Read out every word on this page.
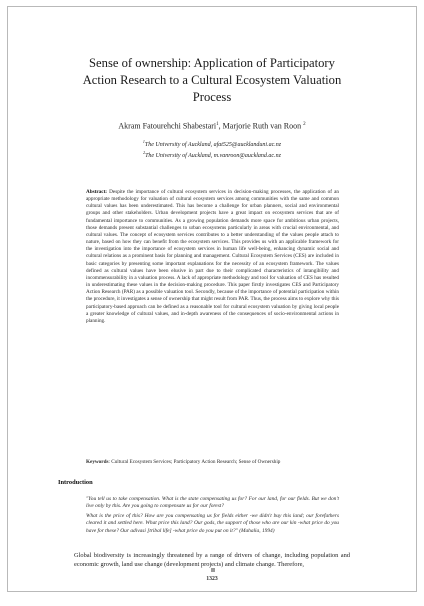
Sense of ownership: Application of Participatory
Action Research to a Cultural Ecosystem Valuation
Process
Akram Fatourehchi Shabestari$^1$, Marjorie Ruth van Roon $^2$
$^1$The University of Auckland, afat525@aucklanduni.ac.nz
$^2$The University of Auckland, m.vanroon@auckland.ac.nz
Abstract: Despite the importance of cultural ecosystem services in decision-making processes, the application of an appropriate methodology for valuation of cultural ecosystem services among communities with the same and common cultural values has been underestimated. This has become a challenge for urban planners, social and environmental groups and other stakeholders. Urban development projects have a great impact on ecosystem services that are of fundamental importance to communities. As a growing population demands more space for ambitious urban projects, those demands present substantial challenges to urban ecosystems particularly in areas with crucial environmental, and cultural values. The concept of ecosystem services contributes to a better understanding of the values people attach to nature, based on how they can benefit from the ecosystem services. This provides us with an applicable framework for the investigation into the importance of ecosystem services in human life well-being, enhancing dynamic social and cultural relations as a prominent basis for planning and management. Cultural Ecosystem Services (CES) are included in basic categories by presenting some important explanations for the necessity of an ecosystem framework. The values defined as cultural values have been elusive in part due to their complicated characteristics of intangibility and incommensurability in a valuation process. A lack of appropriate methodology and tool for valuation of CES has resulted in underestimating these values in the decision-making procedure. This paper firstly investigates CES and Participatory Action Research (PAR) as a possible valuation tool. Secondly, because of the importance of potential participation within the procedure, it investigates a sense of ownership that might result from PAR. Thus, the process aims to explore why this participatory-based approach can be defined as a reasonable tool for cultural ecosystem valuation by giving local people a greater knowledge of cultural values, and in-depth awareness of the consequences of socio-environmental actions in planning.
Keywords: Cultural Ecosystem Services; Participatory Action Research; Sense of Ownership
Introduction
"You tell us to take compensation. What is the state compensating us for? For our land, for our fields. But we don't live only by this. Are you going to compensate us for our forest?
What is the price of this? How are you compensating us for fields either -we didn't buy this land; our forefathers cleared it and settled here. What price this land? Our gods, the support of those who are our kin -what price do you have for these? Our adivasi [tribal life] -what price do you put on it?" (Mahalia, 1994)
Global biodiversity is increasingly threatened by a range of drivers of change, including population and economic growth, land use change (development projects) and climate change. Therefore,
1323
